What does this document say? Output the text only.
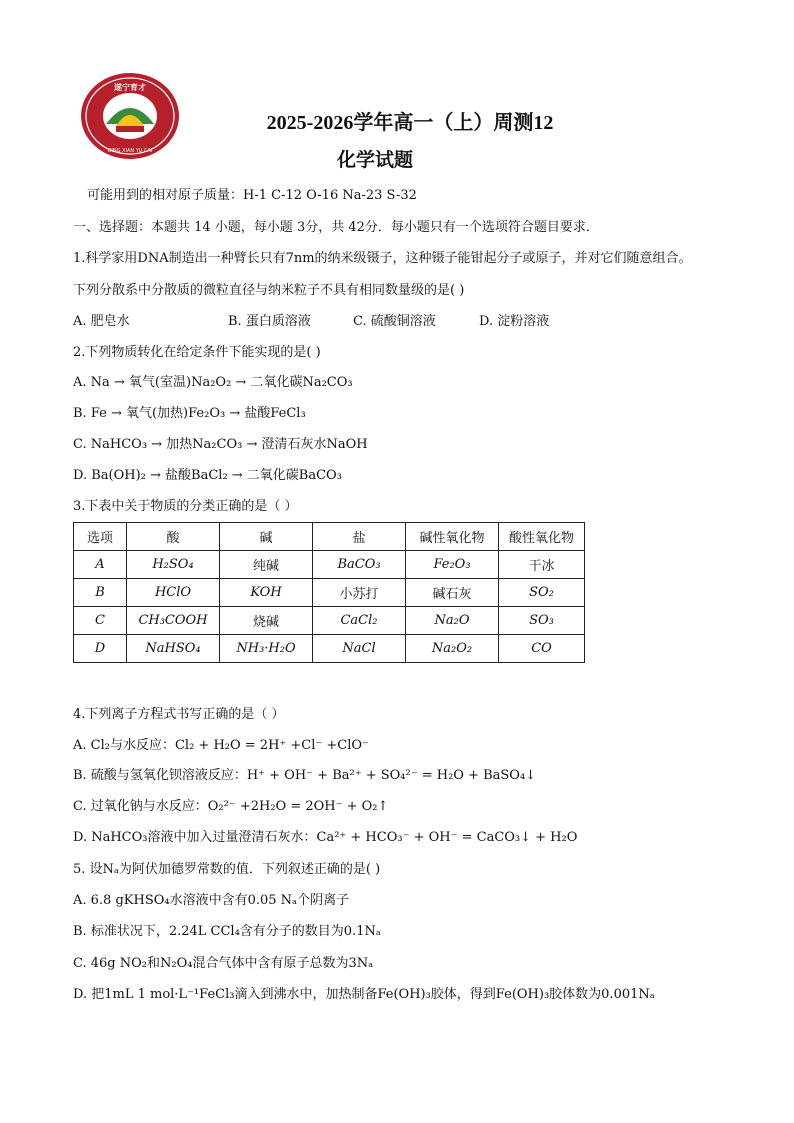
遂宁育才
DING XIAN YU CAI
2025-2026学年高一（上）周测12
化学试题
可能用到的相对原子质量：H-1 C-12 O-16 Na-23 S-32
一、选择题：本题共 14 小题，每小题 3分，共 42分．每小题只有一个选项符合题目要求．
1.科学家用DNA制造出一种臂长只有7nm的纳米级镊子，这种镊子能钳起分子或原子，并对它们随意组合。
下列分散系中分散质的微粒直径与纳米粒子不具有相同数量级的是( )
A. 肥皂水	B. 蛋白质溶液	C. 硫酸铜溶液	D. 淀粉溶液
2.下列物质转化在给定条件下能实现的是( )
A. Na → 氧气(室温)Na₂O₂ → 二氧化碳Na₂CO₃
B. Fe → 氧气(加热)Fe₂O₃ → 盐酸FeCl₃
C. NaHCO₃ → 加热Na₂CO₃ → 澄清石灰水NaOH
D. Ba(OH)₂ → 盐酸BaCl₂ → 二氧化碳BaCO₃
3.下表中关于物质的分类正确的是（ ）
选项	酸	碱	盐	碱性氧化物	酸性氧化物
A	H₂SO₄	纯碱	BaCO₃	Fe₂O₃	干冰
B	HClO	KOH	小苏打	碱石灰	SO₂
C	CH₃COOH	烧碱	CaCl₂	Na₂O	SO₃
D	NaHSO₄	NH₃·H₂O	NaCl	Na₂O₂	CO
4.下列离子方程式书写正确的是（ ）
A. Cl₂与水反应：Cl₂ + H₂O = 2H⁺ +Cl⁻ +ClO⁻
B. 硫酸与氢氧化钡溶液反应：H⁺ + OH⁻ + Ba²⁺ + SO₄²⁻ = H₂O + BaSO₄↓
C. 过氧化钠与水反应：O₂²⁻ +2H₂O = 2OH⁻ + O₂↑
D. NaHCO₃溶液中加入过量澄清石灰水：Ca²⁺ + HCO₃⁻ + OH⁻ = CaCO₃↓ + H₂O
5. 设Nₐ为阿伏加德罗常数的值．下列叙述正确的是( )
A. 6.8 gKHSO₄水溶液中含有0.05 Nₐ个阴离子
B. 标准状况下，2.24L CCl₄含有分子的数目为0.1Nₐ
C. 46g NO₂和N₂O₄混合气体中含有原子总数为3Nₐ
D. 把1mL 1 mol·L⁻¹FeCl₃滴入到沸水中，加热制备Fe(OH)₃胶体，得到Fe(OH)₃胶体数为0.001Nₐ
